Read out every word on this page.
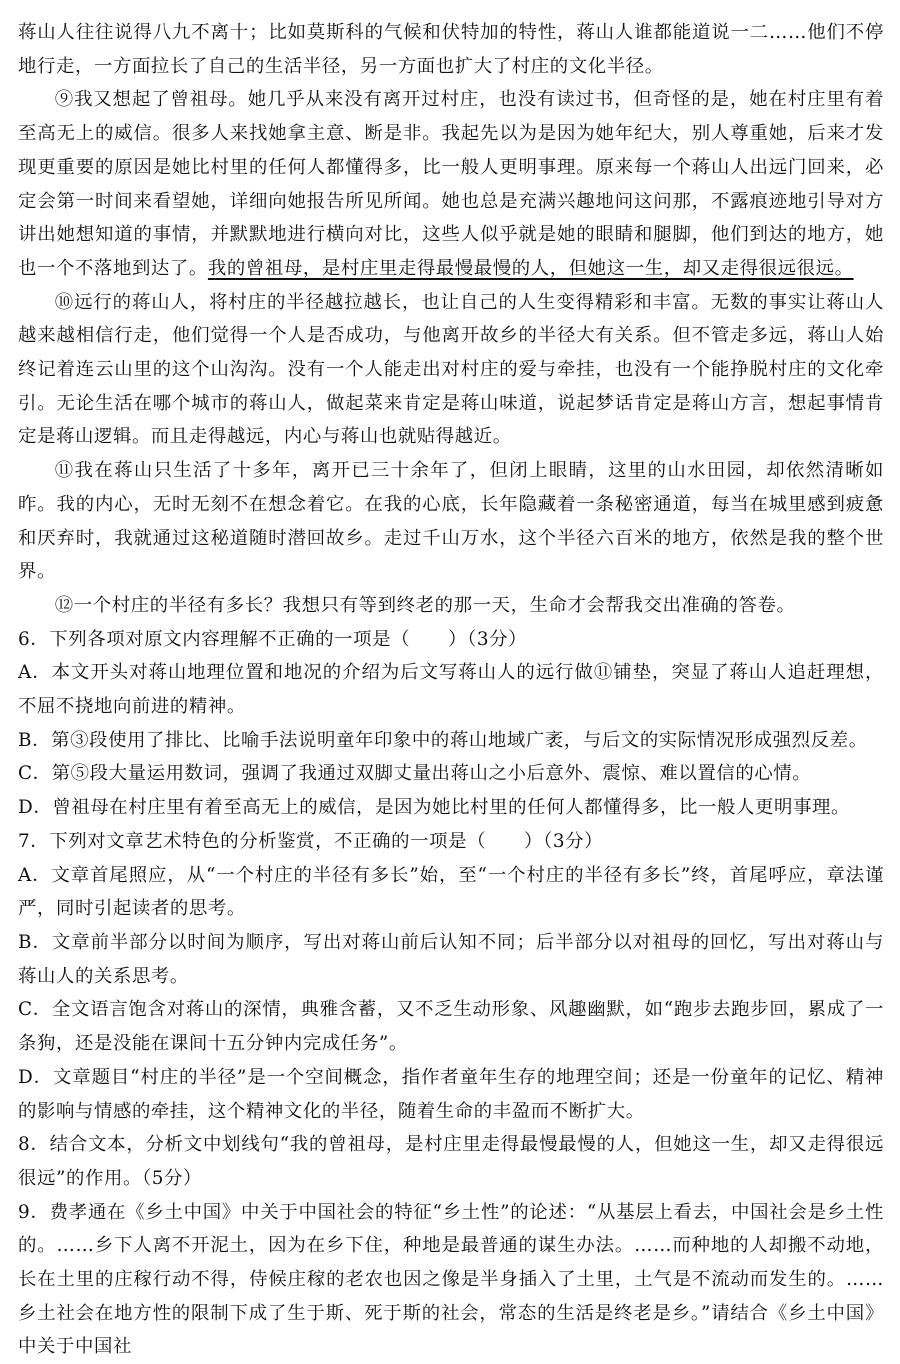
蒋山人往往说得八九不离十；比如莫斯科的气候和伏特加的特性，蒋山人谁都能道说一二……他们不停地行走，一方面拉长了自己的生活半径，另一方面也扩大了村庄的文化半径。

⑨我又想起了曾祖母。她几乎从来没有离开过村庄，也没有读过书，但奇怪的是，她在村庄里有着至高无上的威信。很多人来找她拿主意、断是非。我起先以为是因为她年纪大，别人尊重她，后来才发现更重要的原因是她比村里的任何人都懂得多，比一般人更明事理。原来每一个蒋山人出远门回来，必定会第一时间来看望她，详细向她报告所见所闻。她也总是充满兴趣地问这问那，不露痕迹地引导对方讲出她想知道的事情，并默默地进行横向对比，这些人似乎就是她的眼睛和腿脚，他们到达的地方，她也一个不落地到达了。我的曾祖母，是村庄里走得最慢最慢的人，但她这一生，却又走得很远很远。

⑩远行的蒋山人，将村庄的半径越拉越长，也让自己的人生变得精彩和丰富。无数的事实让蒋山人越来越相信行走，他们觉得一个人是否成功，与他离开故乡的半径大有关系。但不管走多远，蒋山人始终记着连云山里的这个山沟沟。没有一个人能走出对村庄的爱与牵挂，也没有一个能挣脱村庄的文化牵引。无论生活在哪个城市的蒋山人，做起菜来肯定是蒋山味道，说起梦话肯定是蒋山方言，想起事情肯定是蒋山逻辑。而且走得越远，内心与蒋山也就贴得越近。

⑪我在蒋山只生活了十多年，离开已三十余年了，但闭上眼睛，这里的山水田园，却依然清晰如昨。我的内心，无时无刻不在想念着它。在我的心底，长年隐藏着一条秘密通道，每当在城里感到疲惫和厌弃时，我就通过这秘道随时潜回故乡。走过千山万水，这个半径六百米的地方，依然是我的整个世界。

⑫一个村庄的半径有多长？我想只有等到终老的那一天，生命才会帮我交出准确的答卷。

6．下列各项对原文内容理解不正确的一项是（　　）（3分）

A．本文开头对蒋山地理位置和地况的介绍为后文写蒋山人的远行做⑪铺垫，突显了蒋山人追赶理想，不屈不挠地向前进的精神。

B．第③段使用了排比、比喻手法说明童年印象中的蒋山地域广袤，与后文的实际情况形成强烈反差。

C．第⑤段大量运用数词，强调了我通过双脚丈量出蒋山之小后意外、震惊、难以置信的心情。

D．曾祖母在村庄里有着至高无上的威信，是因为她比村里的任何人都懂得多，比一般人更明事理。

7．下列对文章艺术特色的分析鉴赏，不正确的一项是（　　）（3分）

A．文章首尾照应，从“一个村庄的半径有多长”始，至“一个村庄的半径有多长”终，首尾呼应，章法谨严，同时引起读者的思考。

B．文章前半部分以时间为顺序，写出对蒋山前后认知不同；后半部分以对祖母的回忆，写出对蒋山与蒋山人的关系思考。

C．全文语言饱含对蒋山的深情，典雅含蓄，又不乏生动形象、风趣幽默，如“跑步去跑步回，累成了一条狗，还是没能在课间十五分钟内完成任务”。

D．文章题目“村庄的半径”是一个空间概念，指作者童年生存的地理空间；还是一份童年的记忆、精神的影响与情感的牵挂，这个精神文化的半径，随着生命的丰盈而不断扩大。

8．结合文本，分析文中划线句“我的曾祖母，是村庄里走得最慢最慢的人，但她这一生，却又走得很远很远”的作用。（5分）

9．费孝通在《乡土中国》中关于中国社会的特征“乡土性”的论述：“从基层上看去，中国社会是乡土性的。……乡下人离不开泥土，因为在乡下住，种地是最普通的谋生办法。……而种地的人却搬不动地，长在土里的庄稼行动不得，侍候庄稼的老农也因之像是半身插入了土里，土气是不流动而发生的。……乡土社会在地方性的限制下成了生于斯、死于斯的社会，常态的生活是终老是乡。”请结合《乡土中国》中关于中国社
